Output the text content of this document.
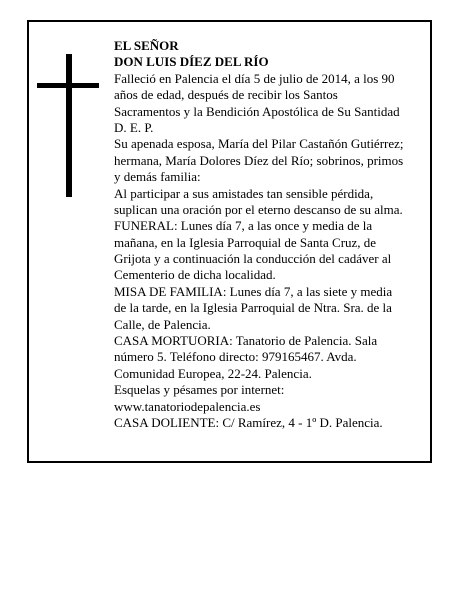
EL SEÑOR
DON LUIS DÍEZ DEL RÍO
Falleció en Palencia el día 5 de julio de 2014, a los 90
años de edad, después de recibir los Santos
Sacramentos y la Bendición Apostólica de Su Santidad
D. E. P.
Su apenada esposa, María del Pilar Castañón Gutiérrez;
hermana, María Dolores Díez del Río; sobrinos, primos
y demás familia:
Al participar a sus amistades tan sensible pérdida,
suplican una oración por el eterno descanso de su alma.
FUNERAL: Lunes día 7, a las once y media de la
mañana, en la Iglesia Parroquial de Santa Cruz, de
Grijota y a continuación la conducción del cadáver al
Cementerio de dicha localidad.
MISA DE FAMILIA: Lunes día 7, a las siete y media
de la tarde, en la Iglesia Parroquial de Ntra. Sra. de la
Calle, de Palencia.
CASA MORTUORIA: Tanatorio de Palencia. Sala
número 5. Teléfono directo: 979165467. Avda.
Comunidad Europea, 22-24. Palencia.
Esquelas y pésames por internet:
www.tanatoriodepalencia.es
CASA DOLIENTE: C/ Ramírez, 4 - 1º D. Palencia.
